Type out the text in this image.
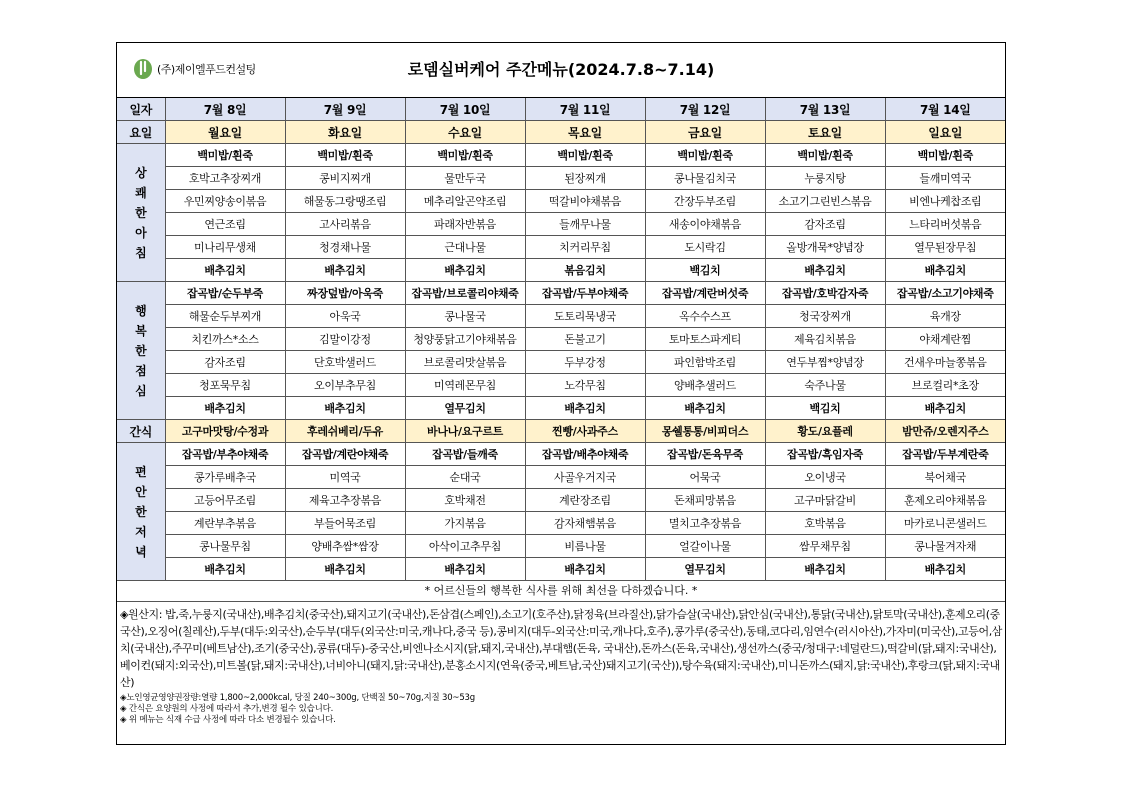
(주)제이엘푸드컨설팅	로뎀실버케어 주간메뉴(2024.7.8~7.14)
일자	7월 8일	7월 9일	7월 10일	7월 11일	7월 12일	7월 13일	7월 14일
요일	월요일	화요일	수요일	목요일	금요일	토요일	일요일

상
쾌
한
아
침	백미밥/흰죽	백미밥/흰죽	백미밥/흰죽	백미밥/흰죽	백미밥/흰죽	백미밥/흰죽	백미밥/흰죽
	호박고추장찌개	콩비지찌개	물만두국	된장찌개	콩나물김치국	누룽지탕	들깨미역국
	우민찌양송이볶음	해물동그랑땡조림	메추리알곤약조림	떡갈비야채볶음	간장두부조림	소고기그린빈스볶음	비엔나케찹조림
	연근조림	고사리볶음	파래자반볶음	들깨무나물	새송이야채볶음	감자조림	느타리버섯볶음
	미나리무생채	청경채나물	근대나물	치커리무침	도시락김	올방개묵*양념장	열무된장무침
	배추김치	배추김치	배추김치	볶음김치	백김치	배추김치	배추김치

행
복
한
점
심	잡곡밥/순두부죽	짜장덮밥/아욱죽	잡곡밥/브로콜리야채죽	잡곡밥/두부야채죽	잡곡밥/계란버섯죽	잡곡밥/호박감자죽	잡곡밥/소고기야채죽
	해물순두부찌개	아욱국	콩나물국	도토리묵냉국	옥수수스프	청국장찌개	육개장
	치킨까스*소스	김말이강정	청양풍닭고기야채볶음	돈불고기	토마토스파게티	제육김치볶음	야채계란찜
	감자조림	단호박샐러드	브로콜리맛살볶음	두부강정	파인함박조림	연두부찜*양념장	건새우마늘쫑볶음
	청포묵무침	오이부추무침	미역레몬무침	노각무침	양배추샐러드	숙주나물	브로컬리*초장
	배추김치	배추김치	열무김치	배추김치	배추김치	백김치	배추김치
간식	고구마맛탕/수정과	후레쉬베리/두유	바나나/요구르트	찐빵/사과주스	몽쉘통통/비피더스	황도/요플레	밤만쥬/오렌지주스

편
안
한
저
녁	잡곡밥/부추야채죽	잡곡밥/계란야채죽	잡곡밥/들깨죽	잡곡밥/배추야채죽	잡곡밥/돈육무죽	잡곡밥/흑임자죽	잡곡밥/두부계란죽
	콩가루배추국	미역국	순대국	사골우거지국	어묵국	오이냉국	북어채국
	고등어무조림	제육고추장볶음	호박채전	계란장조림	돈채피망볶음	고구마닭갈비	훈제오리야채볶음
	계란부추볶음	부들어묵조림	가지볶음	감자채햄볶음	멸치고추장볶음	호박볶음	마카로니콘샐러드
	콩나물무침	양배추쌈*쌈장	아삭이고추무침	비름나물	얼갈이나물	쌈무채무침	콩나물겨자채
	배추김치	배추김치	배추김치	배추김치	열무김치	배추김치	배추김치
* 어르신들의 행복한 식사를 위해 최선을 다하겠습니다. *
◈원산지: 밥,죽,누룽지(국내산),배추김치(중국산),돼지고기(국내산),돈삼겹(스페인),소고기(호주산),닭정육(브라질산),닭가슴살(국내산),닭안심(국내산),통닭(국내산),닭토막(국내산),훈제오리(중국산),오징어(칠레산),두부(대두:외국산),순두부(대두(외국산:미국,캐나다,중국 등),콩비지(대두-외국산:미국,캐나다,호주),콩가루(중국산),동태,코다리,임연수(러시아산),가자미(미국산),고등어,삼치(국내산),주꾸미(베트남산),조기(중국산),콩류(대두)-중국산,비엔나소시지(닭,돼지,국내산),부대햄(돈육, 국내산),돈까스(돈육,국내산),생선까스(중국/청대구:네덜란드),떡갈비(닭,돼지:국내산),베이컨(돼지:외국산),미트볼(닭,돼지:국내산),너비아니(돼지,닭:국내산),분홍소시지(연육(중국,베트남,국산)돼지고기(국산)),탕수육(돼지:국내산),미니돈까스(돼지,닭:국내산),후랑크(닭,돼지:국내산)
◈노인영균영양권장량:열량 1,800~2,000kcal, 당질 240~300g, 단백질 50~70g,지질 30~53g
◈ 간식은 요양원의 사정에 따라서 추가,변경 될수 있습니다.
◈ 위 메뉴는 식재 수급 사정에 따라 다소 변경될수 있습니다.
